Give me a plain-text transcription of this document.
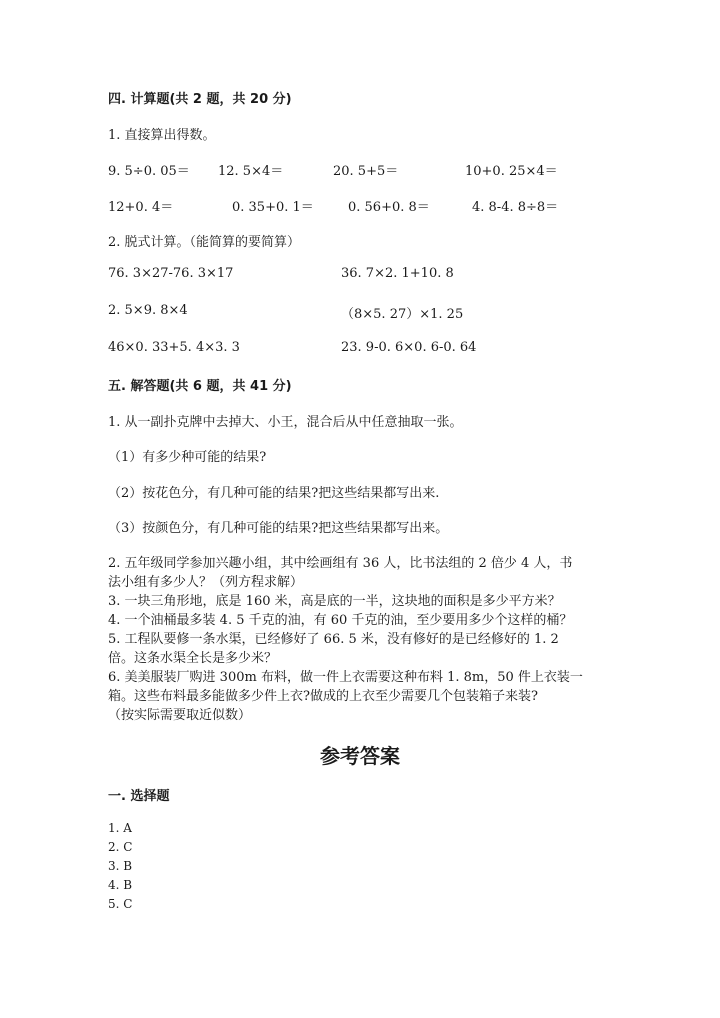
四. 计算题(共 2 题，共 20 分)
1. 直接算出得数。
9. 5÷0. 05＝ 12. 5×4＝	20. 5+5＝	10+0. 25×4＝
12+0. 4＝	0. 35+0. 1＝	0. 56+0. 8＝	4. 8-4. 8÷8＝
2. 脱式计算。（能简算的要简算）
76. 3×27-76. 3×17	36. 7×2. 1+10. 8
2. 5×9. 8×4	（8×5. 27）×1. 25
46×0. 33+5. 4×3. 3	23. 9-0. 6×0. 6-0. 64
五. 解答题(共 6 题，共 41 分)
1. 从一副扑克牌中去掉大、小王，混合后从中任意抽取一张。
（1）有多少种可能的结果?
（2）按花色分，有几种可能的结果?把这些结果都写出来.
（3）按颜色分，有几种可能的结果?把这些结果都写出来。
2. 五年级同学参加兴趣小组，其中绘画组有 36 人，比书法组的 2 倍少 4 人，书
法小组有多少人？（列方程求解）
3. 一块三角形地，底是 160 米，高是底的一半，这块地的面积是多少平方米？
4. 一个油桶最多装 4. 5 千克的油，有 60 千克的油，至少要用多少个这样的桶？
5. 工程队要修一条水渠，已经修好了 66. 5 米，没有修好的是已经修好的 1. 2
倍。这条水渠全长是多少米？
6. 美美服装厂购进 300m 布料，做一件上衣需要这种布料 1. 8m，50 件上衣装一
箱。这些布料最多能做多少件上衣?做成的上衣至少需要几个包装箱子来装?
（按实际需要取近似数）
参考答案
一. 选择题
1. A
2. C
3. B
4. B
5. C
